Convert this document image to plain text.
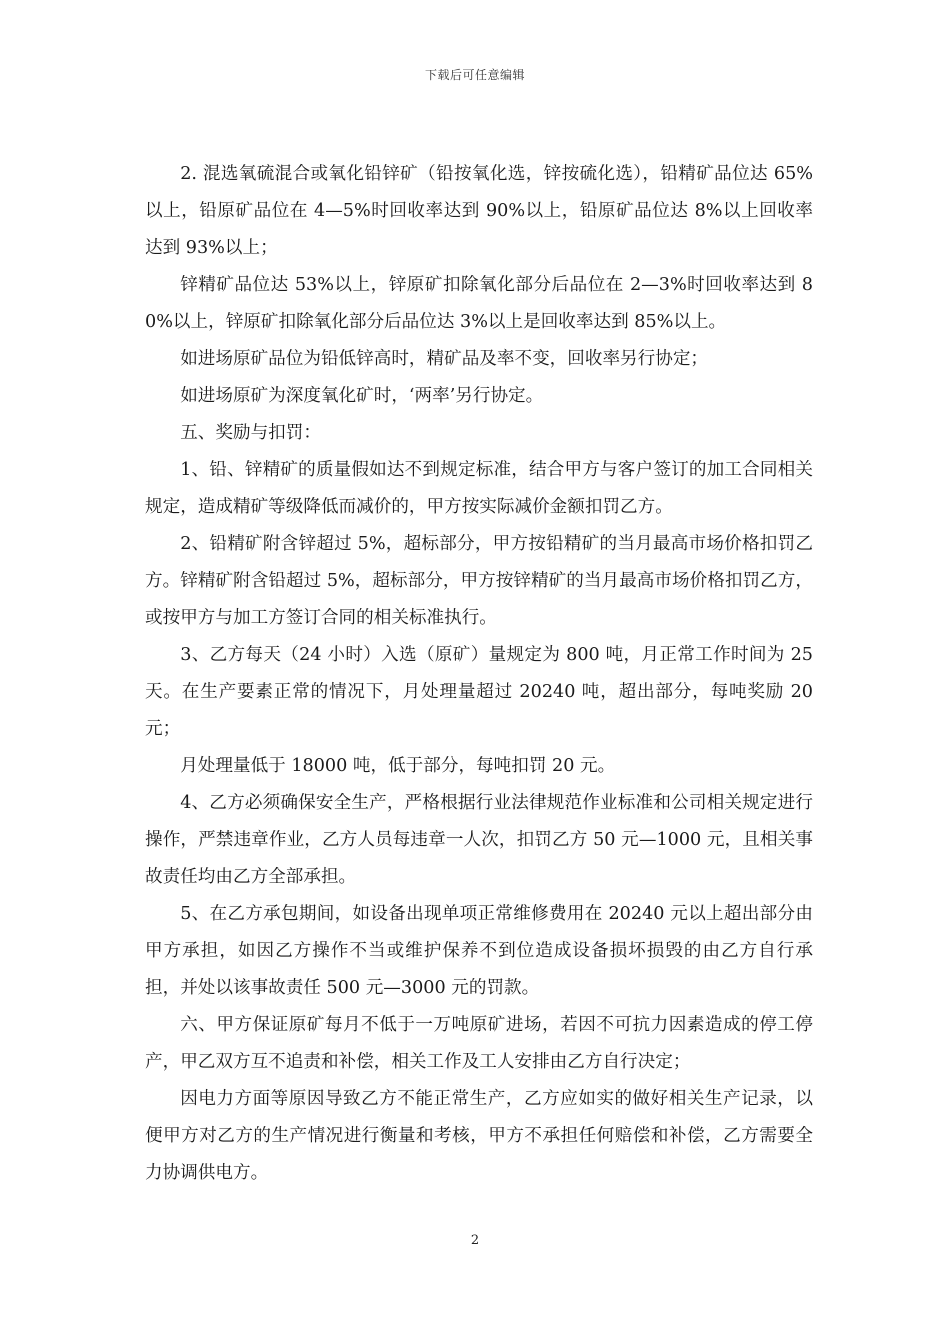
下载后可任意编辑

2. 混选氧硫混合或氧化铅锌矿（铅按氧化选，锌按硫化选），铅精矿品位达 65%以上，铅原矿品位在 4—5%时回收率达到 90%以上，铅原矿品位达 8%以上回收率达到 93%以上；

锌精矿品位达 53%以上，锌原矿扣除氧化部分后品位在 2—3%时回收率达到 80%以上，锌原矿扣除氧化部分后品位达 3%以上是回收率达到 85%以上。

如进场原矿品位为铅低锌高时，精矿品及率不变，回收率另行协定；

如进场原矿为深度氧化矿时，‘两率’另行协定。

五、奖励与扣罚：

1、铅、锌精矿的质量假如达不到规定标准，结合甲方与客户签订的加工合同相关规定，造成精矿等级降低而减价的，甲方按实际减价金额扣罚乙方。

2、铅精矿附含锌超过 5%，超标部分，甲方按铅精矿的当月最高市场价格扣罚乙方。锌精矿附含铅超过 5%，超标部分，甲方按锌精矿的当月最高市场价格扣罚乙方，或按甲方与加工方签订合同的相关标准执行。

3、乙方每天（24 小时）入选（原矿）量规定为 800 吨，月正常工作时间为 25 天。在生产要素正常的情况下，月处理量超过 20240 吨，超出部分，每吨奖励 20 元；

月处理量低于 18000 吨，低于部分，每吨扣罚 20 元。

4、乙方必须确保安全生产，严格根据行业法律规范作业标准和公司相关规定进行操作，严禁违章作业，乙方人员每违章一人次，扣罚乙方 50 元—1000 元，且相关事故责任均由乙方全部承担。

5、在乙方承包期间，如设备出现单项正常维修费用在 20240 元以上超出部分由甲方承担，如因乙方操作不当或维护保养不到位造成设备损坏损毁的由乙方自行承担，并处以该事故责任 500 元—3000 元的罚款。

六、甲方保证原矿每月不低于一万吨原矿进场，若因不可抗力因素造成的停工停产，甲乙双方互不追责和补偿，相关工作及工人安排由乙方自行决定；

因电力方面等原因导致乙方不能正常生产，乙方应如实的做好相关生产记录，以便甲方对乙方的生产情况进行衡量和考核，甲方不承担任何赔偿和补偿，乙方需要全力协调供电方。

2
